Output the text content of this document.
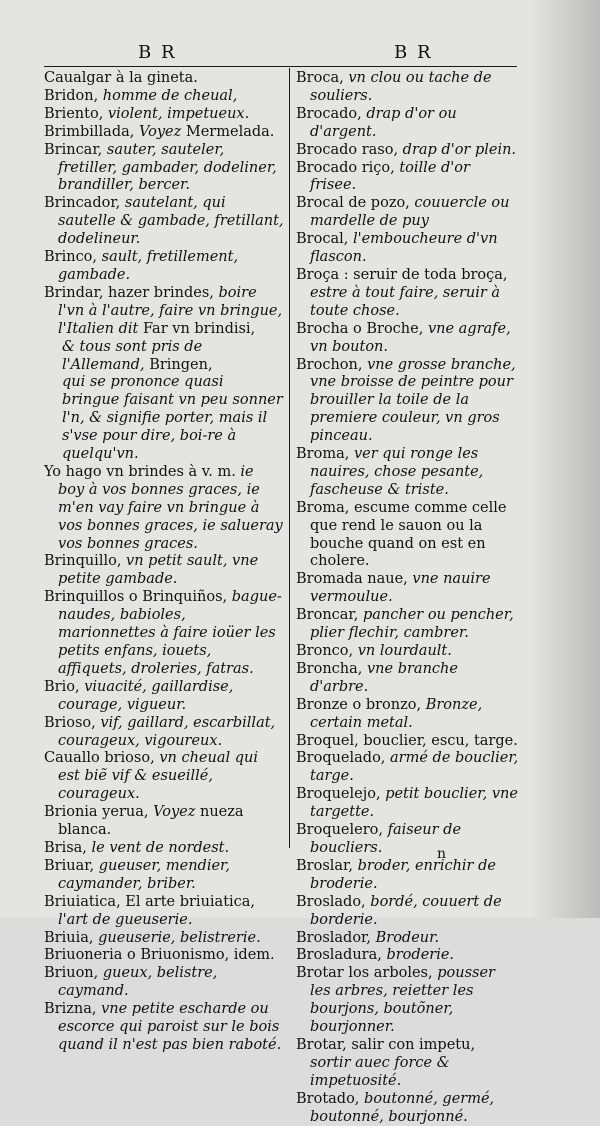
B R	B R

Caualgar à la gineta.

Bridon, homme de cheual,

Briento, violent, impetueux.

Brimbillada, Voyez Mermelada.

Brincar, sauter, sauteler, fretiller, gambader, dodeliner, brandiller, bercer.

Brincador, sautelant, qui sautelle & gambade, fretillant, dodelineur.

Brinco, sault, fretillement, gambade.

Brindar, hazer brindes, boire l'vn à l'autre, faire vn bringue, l'Italien dit Far vn brindisi,

& tous sont pris de l'Allemand, Bringen,

qui se prononce quasi bringue faisant vn peu sonner l'n, & signifie porter, mais il s'vse pour dire, boi-re à quelqu'vn.

Yo hago vn brindes à v. m. ie boy à vos bonnes graces, ie m'en vay faire vn bringue à vos bonnes graces, ie salueray vos bonnes graces.

Brinquillo, vn petit sault, vne petite gambade.

Brinquillos o Brinquiños, bague-naudes, babioles, marionnettes à faire ioüer les petits enfans, iouets, affiquets, droleries, fatras.

Brio, viuacité, gaillardise, courage, vigueur.

Brioso, vif, gaillard, escarbillat, courageux, vigoureux.

Cauallo brioso, vn cheual qui est biẽ vif & esueillé, courageux.

Brionia yerua, Voyez nueza blanca.

Brisa, le vent de nordest.

Briuar, gueuser, mendier, caymander, briber.

Briuiatica, El arte briuiatica, l'art de gueuserie.

Briuia, gueuserie, belistrerie.

Briuoneria o Briuonismo, idem.

Briuon, gueux, belistre, caymand.

Brizna, vne petite escharde ou escorce qui paroist sur le bois quand il n'est pas bien raboté.

Broca, vn clou ou tache de souliers.

Brocado, drap d'or ou d'argent.

Brocado raso, drap d'or plein.

Brocado riço, toille d'or frisee.

Brocal de pozo, couuercle ou mardelle de puy

Brocal, l'embouchеure d'vn flascon.

Broça : seruir de toda broça, estre à tout faire, seruir à toute chose.

Brocha o Broche, vne agrafe, vn bouton.

Brochon, vne grosse branche, vne broisse de peintre pour brouiller la toile de la premiere couleur, vn gros pinceau.

Broma, ver qui ronge les nauires, chose pesante, fascheuse & triste.

Broma, escume comme celle que rend le sauon ou la bouche quand on est en cholere.

Bromada naue, vne nauire vermoulue.

Broncar, pancher ou pencher, plier flechir, cambrer.

Bronco, vn lourdault.

Broncha, vne branche d'arbre.

Bronze o bronzo, Bronze, certain metal.

Broquel, bouclier, escu, targe.

Broquelado, armé de bouclier, targe.

Broquelejo, petit bouclier, vne targette.

Broquelero, faiseur de boucliers.

Broslar, broder, enrichir de broderie.

Broslado, bordé, couuert de borderie.

Broslador, Brodeur.

Brosladura, broderie.

Brotar los arboles, pousser les arbres, reietter les bourjons, boutõner, bourjonner.

Brotar, salir con impetu, sortir auec force & impetuosité.

Brotado, boutonné, germé, boutonné, bourjonné.

n
